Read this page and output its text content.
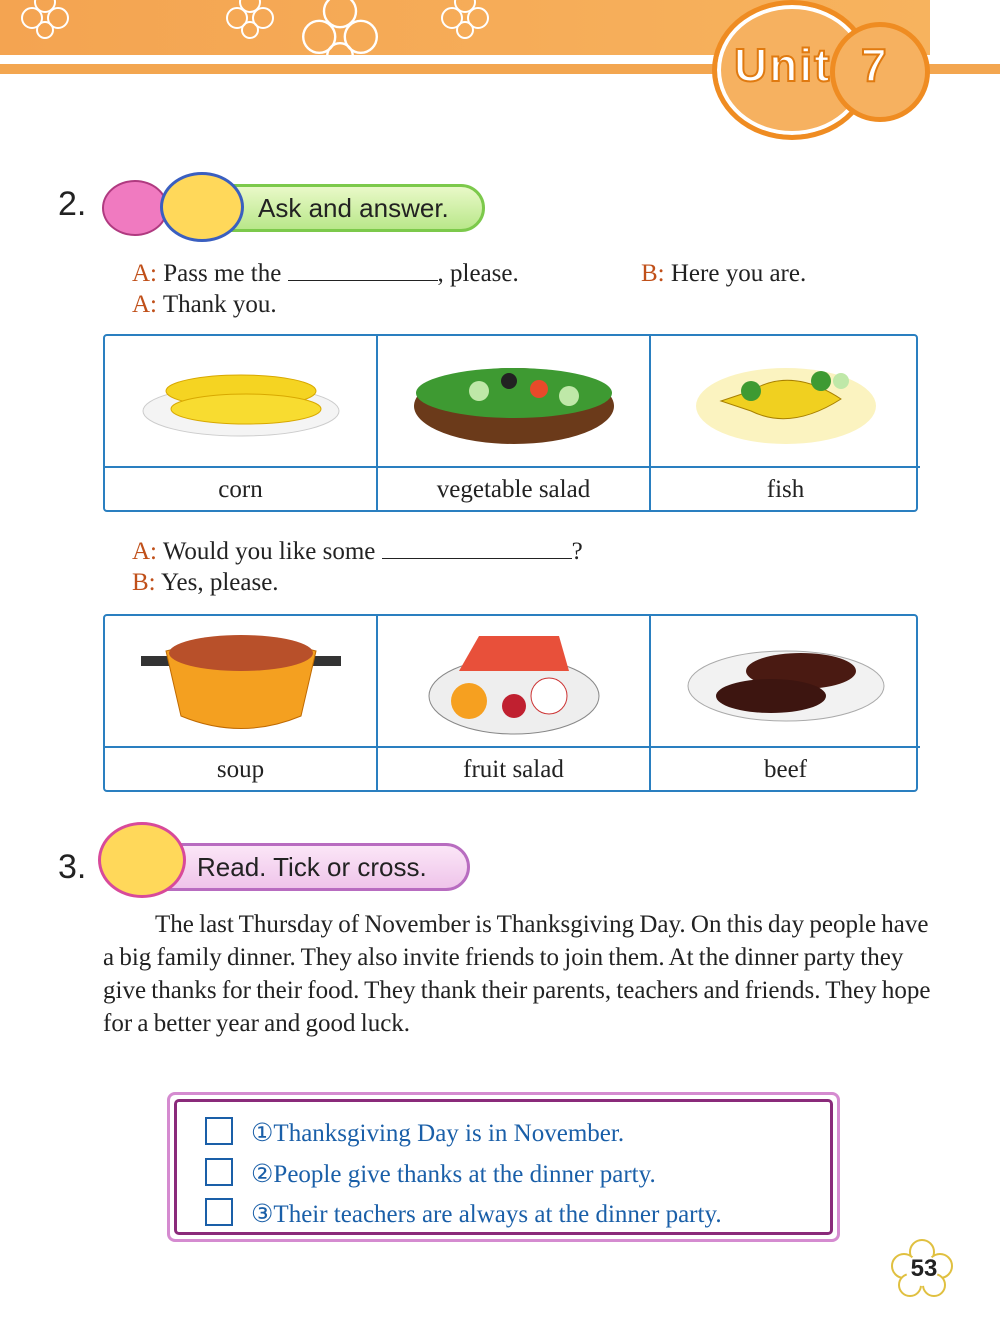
Unit 7
2.	Ask and answer.
A: Pass me the	, please.	B: Here you are.
A: Thank you.
corn	vegetable salad	fish
A: Would you like some	?
B: Yes, please.
soup	fruit salad	beef
3.	Read. Tick or cross.
The last Thursday of November is Thanksgiving Day. On this day people have a big family dinner. They also invite friends to join them. At the dinner party they give thanks for their food. They thank their parents, teachers and friends. They hope for a better year and good luck.
①Thanksgiving Day is in November.
②People give thanks at the dinner party.
③Their teachers are always at the dinner party.
53
